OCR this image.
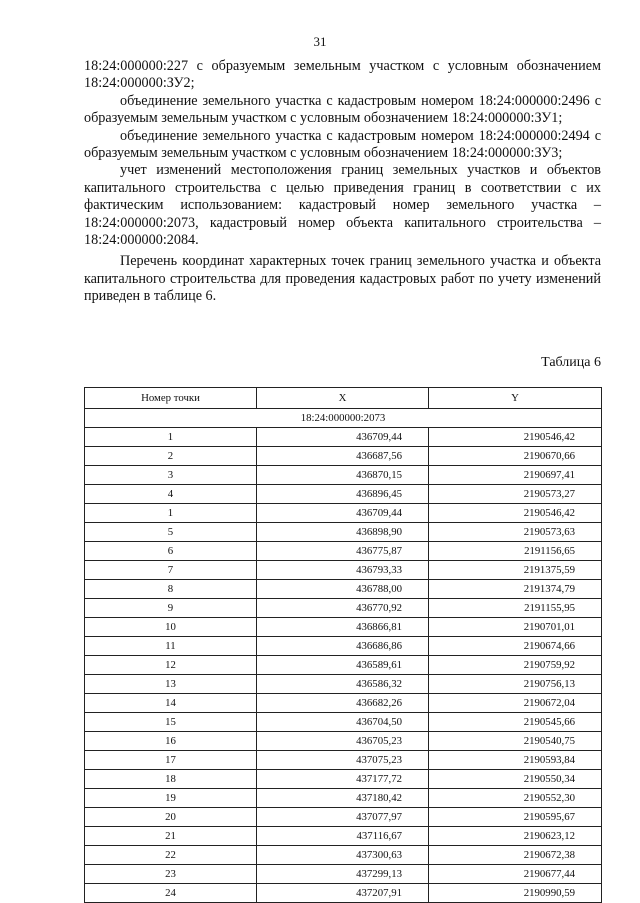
31

18:24:000000:227 с образуемым земельным участком с условным обозначением 18:24:000000:ЗУ2;

объединение земельного участка с кадастровым номером 18:24:000000:2496 с образуемым земельным участком с условным обозначением 18:24:000000:ЗУ1;

объединение земельного участка с кадастровым номером 18:24:000000:2494 с образуемым земельным участком с условным обозначением 18:24:000000:ЗУ3;

учет изменений местоположения границ земельных участков и объектов капитального строительства с целью приведения границ в соответствии с их фактическим использованием: кадастровый номер земельного участка – 18:24:000000:2073, кадастровый номер объекта капитального строительства – 18:24:000000:2084.

Перечень координат характерных точек границ земельного участка и объекта капитального строительства для проведения кадастровых работ по учету изменений приведен в таблице 6.

Таблица 6
Номер точки	X	Y
18:24:000000:2073		
1	436709,44	2190546,42
2	436687,56	2190670,66
3	436870,15	2190697,41
4	436896,45	2190573,27
1	436709,44	2190546,42
5	436898,90	2190573,63
6	436775,87	2191156,65
7	436793,33	2191375,59
8	436788,00	2191374,79
9	436770,92	2191155,95
10	436866,81	2190701,01
11	436686,86	2190674,66
12	436589,61	2190759,92
13	436586,32	2190756,13
14	436682,26	2190672,04
15	436704,50	2190545,66
16	436705,23	2190540,75
17	437075,23	2190593,84
18	437177,72	2190550,34
19	437180,42	2190552,30
20	437077,97	2190595,67
21	437116,67	2190623,12
22	437300,63	2190672,38
23	437299,13	2190677,44
24	437207,91	2190990,59
